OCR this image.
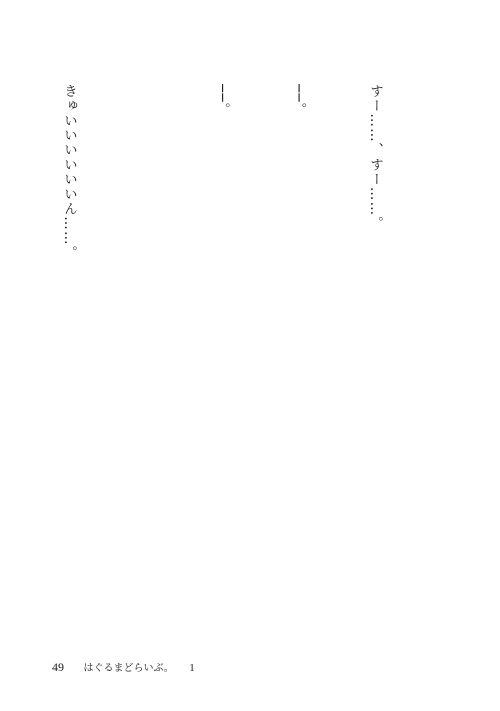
すー……、すー……。

──。

──。

きゅいいいいいいん……。

49 はぐるまどらいぶ。 1
